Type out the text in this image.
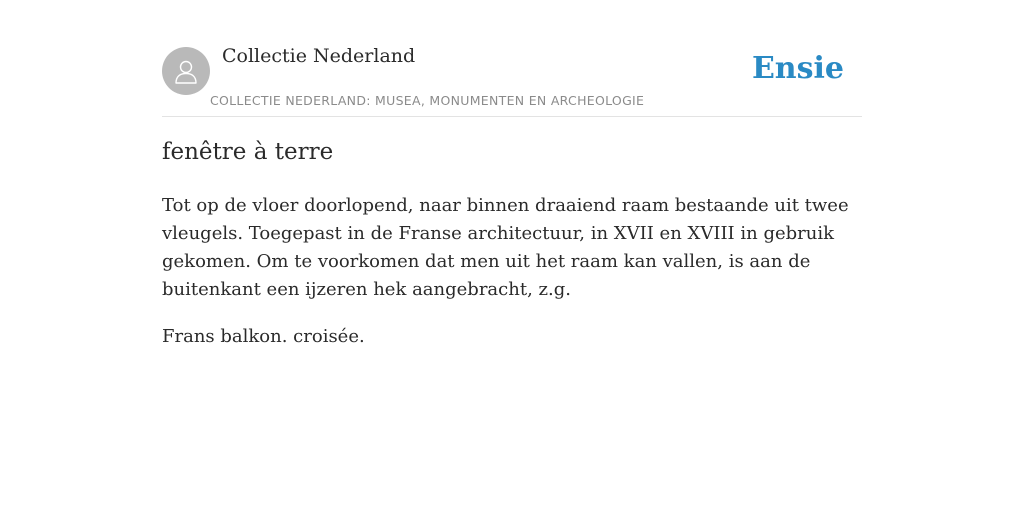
Collectie Nederland
COLLECTIE NEDERLAND: MUSEA, MONUMENTEN EN ARCHEOLOGIE
Ensie
fenêtre à terre

Tot op de vloer doorlopend, naar binnen draaiend raam bestaande uit twee vleugels. Toegepast in de Franse architectuur, in XVII en XVIII in gebruik gekomen. Om te voorkomen dat men uit het raam kan vallen, is aan de buitenkant een ijzeren hek aangebracht, z.g.

Frans balkon. croisée.
